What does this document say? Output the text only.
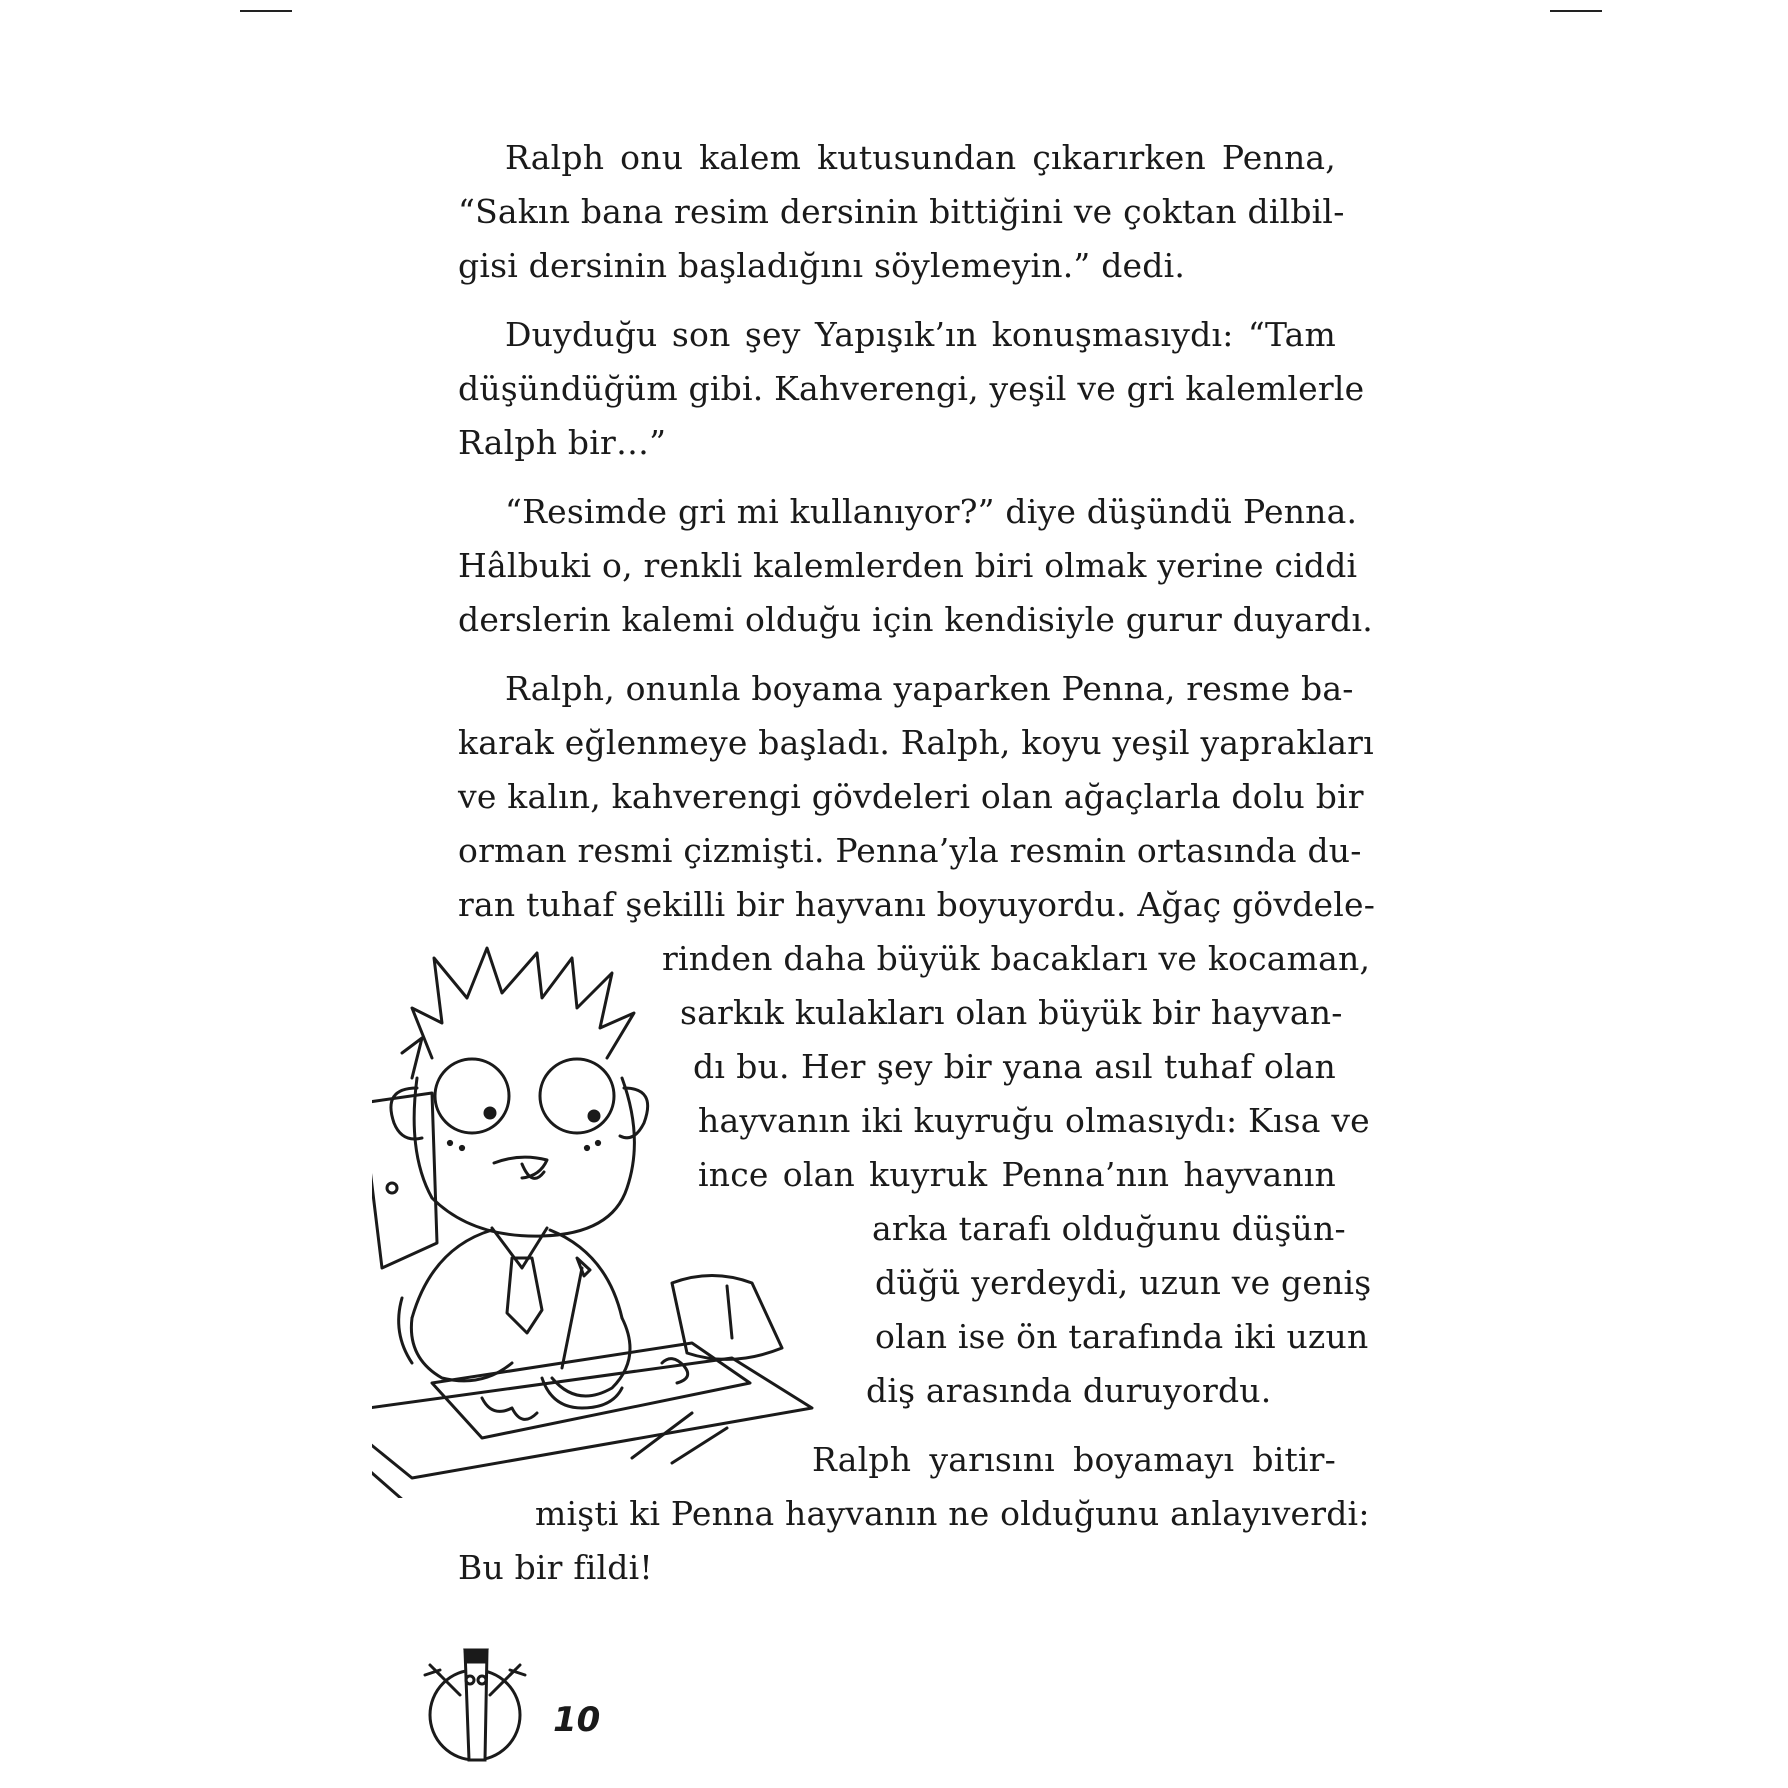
Ralph onu kalem kutusundan çıkarırken Penna,
“Sakın bana resim dersinin bittiğini ve çoktan dilbil-
gisi dersinin başladığını söylemeyin.” dedi.
Duyduğu son şey Yapışık’ın konuşmasıydı: “Tam
düşündüğüm gibi. Kahverengi, yeşil ve gri kalemlerle
Ralph bir…”
“Resimde gri mi kullanıyor?” diye düşündü Penna.
Hâlbuki o, renkli kalemlerden biri olmak yerine ciddi
derslerin kalemi olduğu için kendisiyle gurur duyardı.
Ralph, onunla boyama yaparken Penna, resme ba-
karak eğlenmeye başladı. Ralph, koyu yeşil yaprakları
ve kalın, kahverengi gövdeleri olan ağaçlarla dolu bir
orman resmi çizmişti. Penna’yla resmin ortasında du-
ran tuhaf şekilli bir hayvanı boyuyordu. Ağaç gövdele-
rinden daha büyük bacakları ve kocaman,
sarkık kulakları olan büyük bir hayvan-
dı bu. Her şey bir yana asıl tuhaf olan
hayvanın iki kuyruğu olmasıydı: Kısa ve
ince olan kuyruk Penna’nın hayvanın
arka tarafı olduğunu düşün-
düğü yerdeydi, uzun ve geniş
olan ise ön tarafında iki uzun
diş arasında duruyordu.
Ralph yarısını boyamayı bitir-
mişti ki Penna hayvanın ne olduğunu anlayıverdi:
Bu bir fildi!
10
